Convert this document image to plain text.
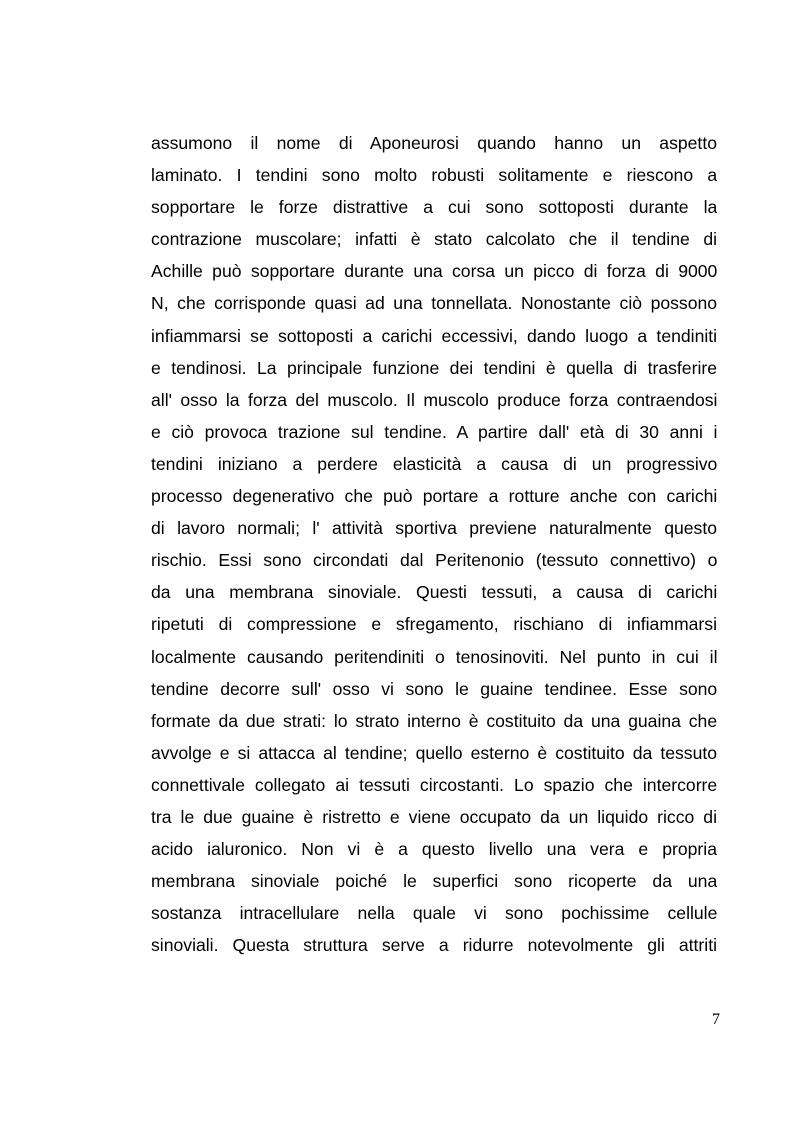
assumono il nome di Aponeurosi quando hanno un aspetto
laminato. I tendini sono molto robusti solitamente e riescono a
sopportare le forze distrattive a cui sono sottoposti durante la
contrazione muscolare; infatti è stato calcolato che il tendine di
Achille può sopportare durante una corsa un picco di forza di 9000
N, che corrisponde quasi ad una tonnellata. Nonostante ciò possono
infiammarsi se sottoposti a carichi eccessivi, dando luogo a tendiniti
e tendinosi. La principale funzione dei tendini è quella di trasferire
all' osso la forza del muscolo. Il muscolo produce forza contraendosi
e ciò provoca trazione sul tendine. A partire dall' età di 30 anni i
tendini iniziano a perdere elasticità a causa di un progressivo
processo degenerativo che può portare a rotture anche con carichi
di lavoro normali; l' attività sportiva previene naturalmente questo
rischio. Essi sono circondati dal Peritenonio (tessuto connettivo) o
da una membrana sinoviale. Questi tessuti, a causa di carichi
ripetuti di compressione e sfregamento, rischiano di infiammarsi
localmente causando peritendiniti o tenosinoviti. Nel punto in cui il
tendine decorre sull' osso vi sono le guaine tendinee. Esse sono
formate da due strati: lo strato interno è costituito da una guaina che
avvolge e si attacca al tendine; quello esterno è costituito da tessuto
connettivale collegato ai tessuti circostanti. Lo spazio che intercorre
tra le due guaine è ristretto e viene occupato da un liquido ricco di
acido ialuronico. Non vi è a questo livello una vera e propria
membrana sinoviale poiché le superfici sono ricoperte da una
sostanza intracellulare nella quale vi sono pochissime cellule
sinoviali. Questa struttura serve a ridurre notevolmente gli attriti
7
